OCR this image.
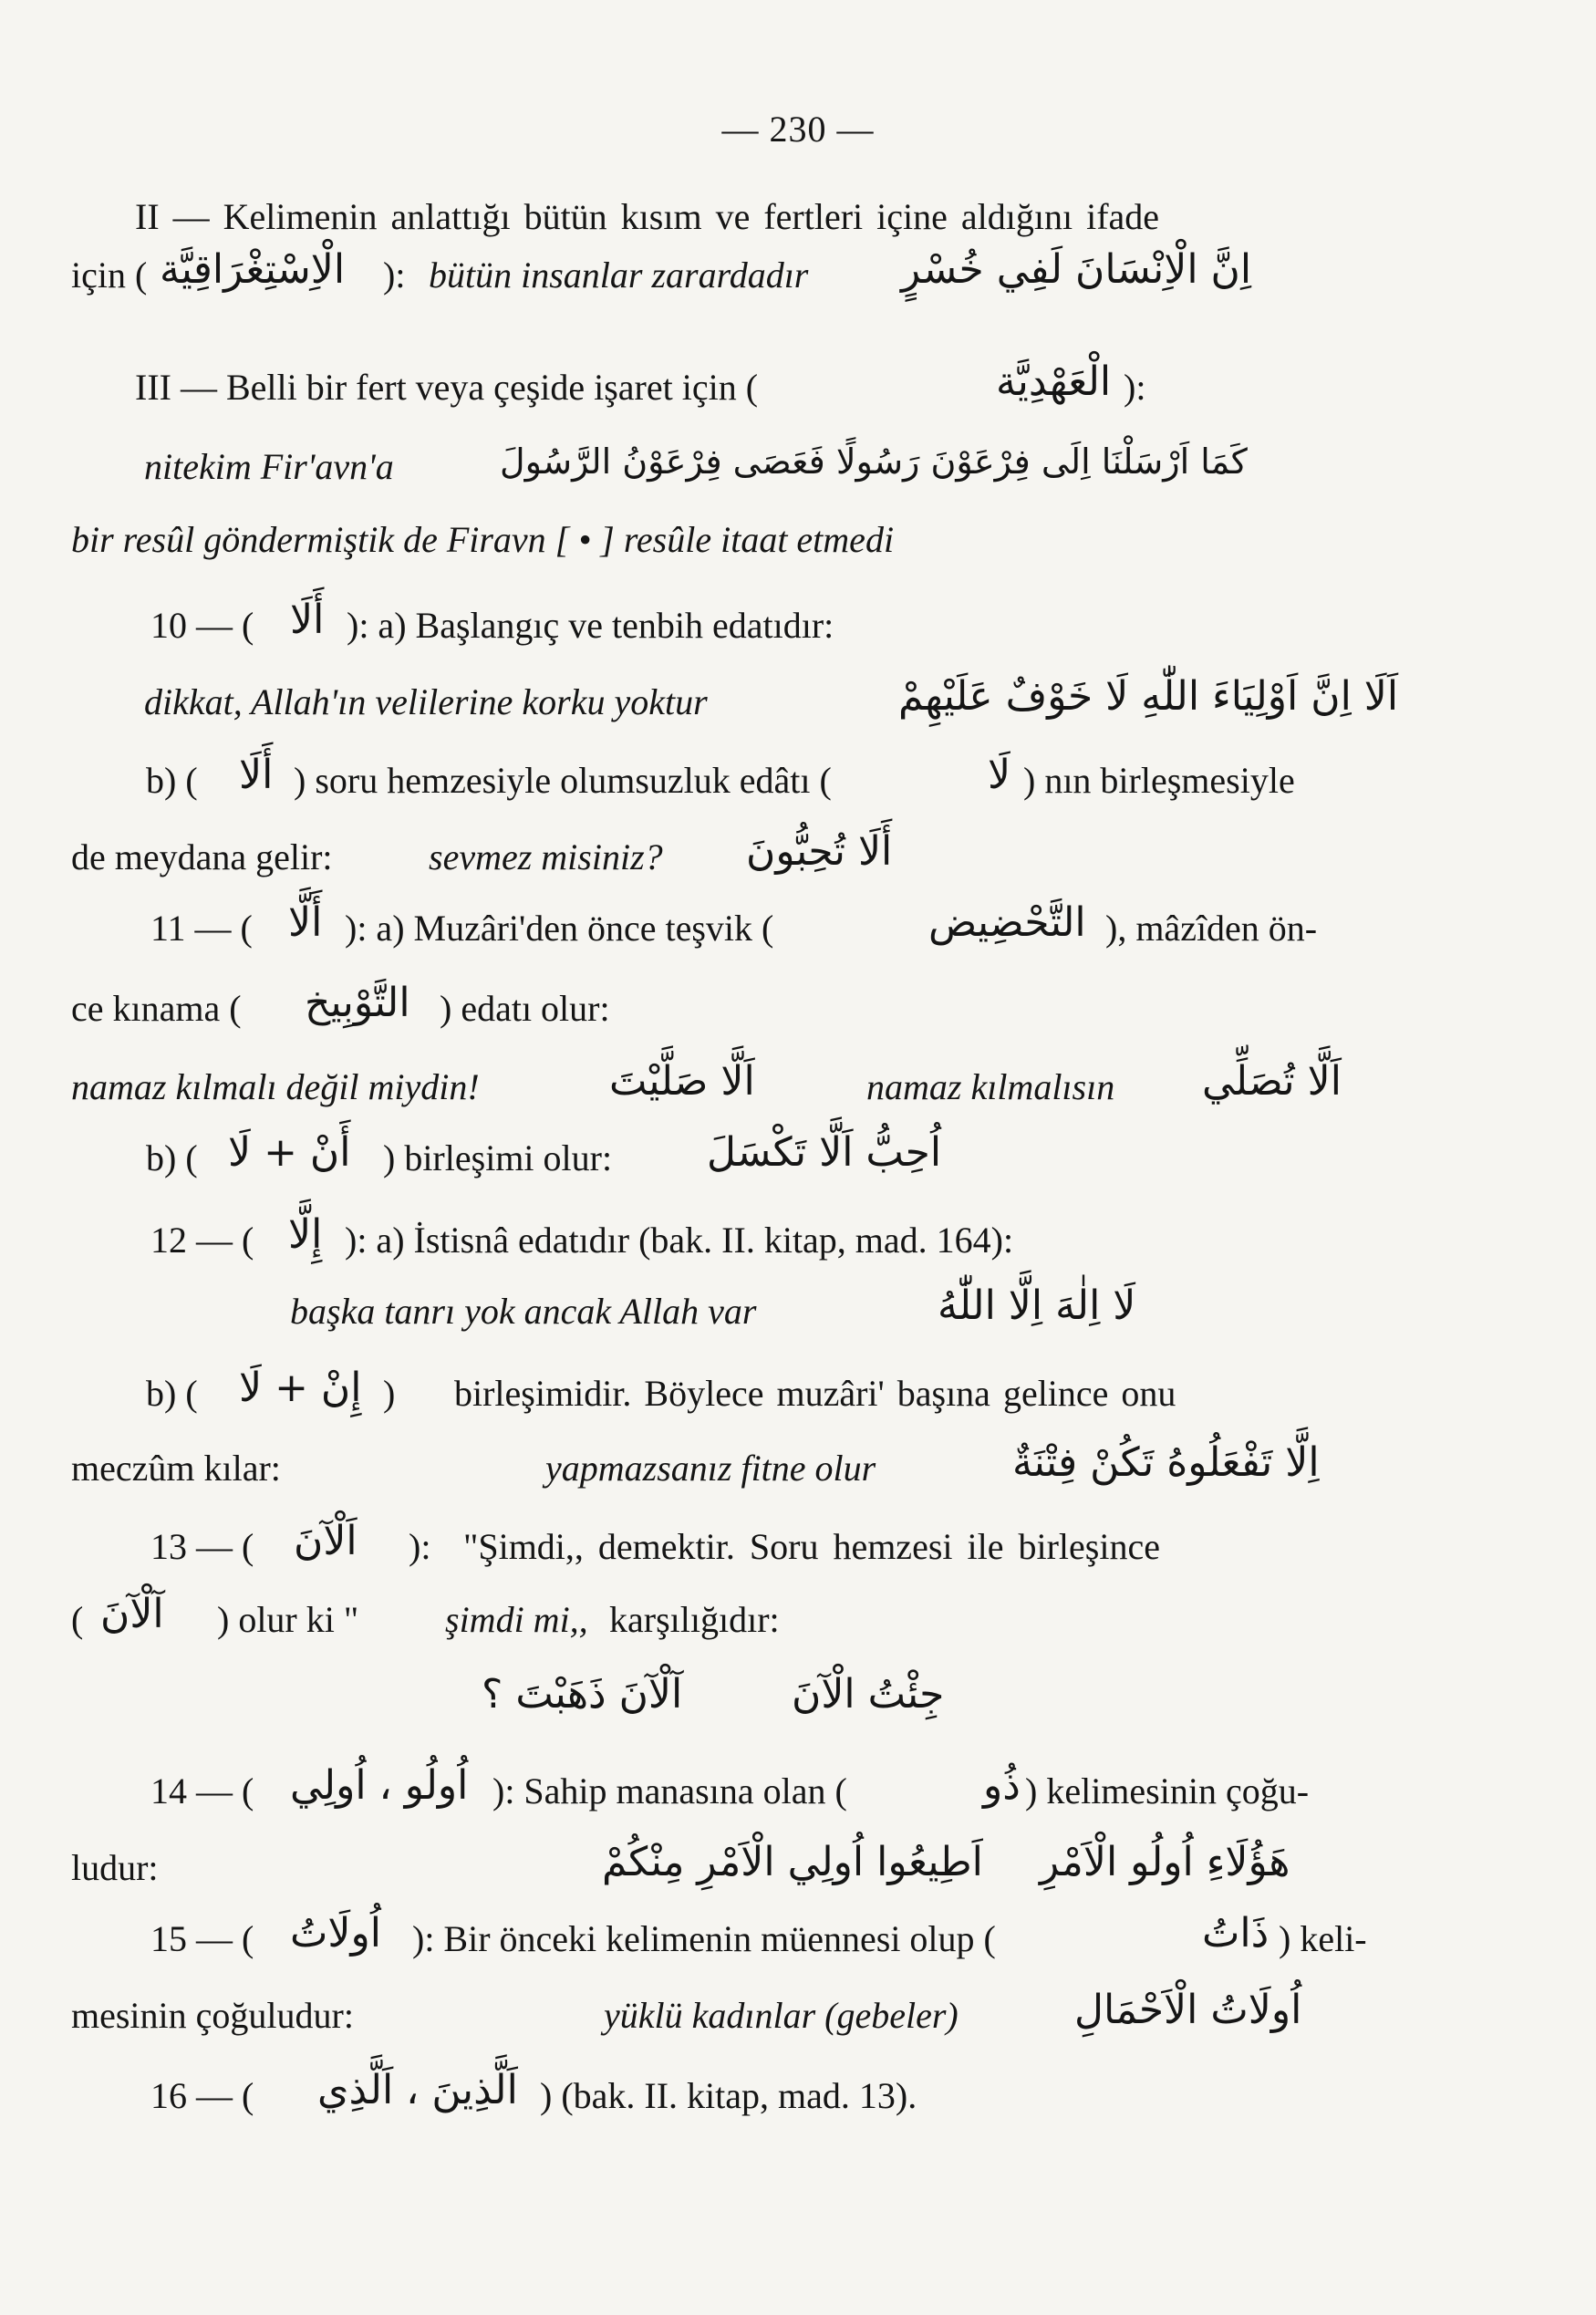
— 230 —
II — Kelimenin anlattığı bütün kısım ve fertleri içine aldığını ifade
için ( الْاِسْتِغْرَاقِيَّة ): bütün insanlar zarardadır اِنَّ الْاِنْسَانَ لَفِي خُسْرٍ
III — Belli bir fert veya çeşide işaret için (	الْعَهْدِيَّة ):
nitekim Fir'avn'a	كَمَا اَرْسَلْنَا اِلَى فِرْعَوْنَ رَسُولًا فَعَصَى فِرْعَوْنُ الرَّسُولَ
bir resûl göndermiştik de Firavn [ • ] resûle itaat etmedi
10 — ( أَلَا ): a) Başlangıç ve tenbih edatıdır:
dikkat, Allah'ın velilerine korku yoktur	اَلَا اِنَّ اَوْلِيَاءَ اللّٰهِ لَا خَوْفٌ عَلَيْهِمْ
b) ( أَلَا ) soru hemzesiyle olumsuzluk edâtı (	لَا ) nın birleşmesiyle
de meydana gelir:	sevmez misiniz? أَلَا تُحِبُّونَ
11 — ( أَلَّا ): a) Muzâri'den önce teşvik (	التَّحْضِيض ), mâzîden ön-
ce kınama ( التَّوْبِيخ ) edatı olur:
namaz kılmalı değil miydin!	اَلَّا صَلَّيْتَ	namaz kılmalısın اَلَّا تُصَلِّي
b) ( أَنْ + لَا ) birleşimi olur: اُحِبُّ اَلَّا تَكْسَلَ
12 — ( إِلَّا ): a) İstisnâ edatıdır (bak. II. kitap, mad. 164):
başka tanrı yok ancak Allah var	لَا اِلٰهَ اِلَّا اللّٰهُ
b) ( إِنْ + لَا ) birleşimidir. Böylece muzâri' başına gelince onu
meczûm kılar:	yapmazsanız fitne olur	اِلَّا تَفْعَلُوهُ تَكُنْ فِتْنَةٌ
13 — ( اَلْآنَ ): "Şimdi,, demektir. Soru hemzesi ile birleşince
( آلْآنَ ) olur ki " şimdi mi,, karşılığıdır:
آلْآنَ ذَهَبْتَ ؟	جِئْتُ الْآنَ
14 — ( اُولُو ، اُولِي ): Sahip manasına olan (	ذُو ) kelimesinin çoğu-
ludur:	اَطِيعُوا اُولِي الْاَمْرِ مِنْكُمْ هَؤُلَاءِ اُولُو الْاَمْرِ
15 — ( اُولَاتُ ): Bir önceki kelimenin müennesi olup (	ذَاتُ ) keli-
mesinin çoğuludur:	yüklü kadınlar (gebeler)	اُولَاتُ الْاَحْمَالِ
16 — ( اَلَّذِينَ ، اَلَّذِي ) (bak. II. kitap, mad. 13).
